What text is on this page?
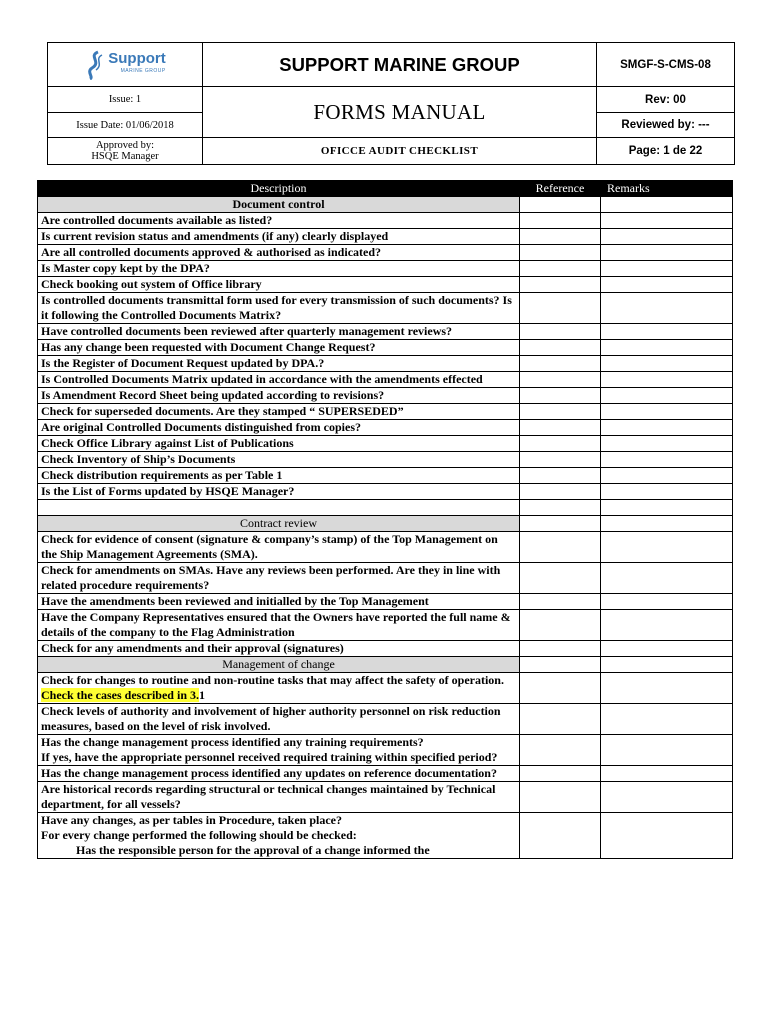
Support
MARINE GROUP	SUPPORT MARINE GROUP	SMGF-S-CMS-08
Issue: 1	FORMS MANUAL	Rev: 00
Issue Date: 01/06/2018		Reviewed by: ---

Approved by:
HSQE Manager	OFICCE AUDIT CHECKLIST	Page: 1 de 22
Description	Reference	Remarks
Document control		
Are controlled documents available as listed?		
Is current revision status and amendments (if any) clearly displayed		
Are all controlled documents approved & authorised as indicated?		
Is Master copy kept by the DPA?		
Check booking out system of Office library		
Is controlled documents transmittal form used for every transmission of such documents? Is it following the Controlled Documents Matrix?		
Have controlled documents been reviewed after quarterly management reviews?		
Has any change been requested with Document Change Request?		
Is the Register of Document Request updated by DPA.?		
Is Controlled Documents Matrix updated in accordance with the amendments effected		
Is Amendment Record Sheet being updated according to revisions?		
Check for superseded documents. Are they stamped “ SUPERSEDED”		
Are original Controlled Documents distinguished from copies?		
Check Office Library against List of Publications		
Check Inventory of Ship’s Documents		
Check distribution requirements as per Table 1		
Is the List of Forms updated by HSQE Manager?		

Contract review		
Check for evidence of consent (signature & company’s stamp) of the Top Management on the Ship Management Agreements (SMA).		
Check for amendments on SMAs. Have any reviews been performed. Are they in line with related procedure requirements?		
Have the amendments been reviewed and initialled by the Top Management		
Have the Company Representatives ensured that the Owners have reported the full name & details of the company to the Flag Administration		
Check for any amendments and their approval (signatures)		
Management of change		
Check for changes to routine and non-routine tasks that may affect the safety of operation. Check the cases described in 3.1		
Check levels of authority and involvement of higher authority personnel on risk reduction measures, based on the level of risk involved.		

Has the change management process identified any training requirements?
If yes, have the appropriate personnel received required training within specified period?		

Has the change management process identified any updates on reference documentation?		
Are historical records regarding structural or technical changes maintained by Technical department, for all vessels?		

Have any changes, as per tables in Procedure, taken place?
For every change performed the following should be checked:
Has the responsible person for the approval of a change informed the		
